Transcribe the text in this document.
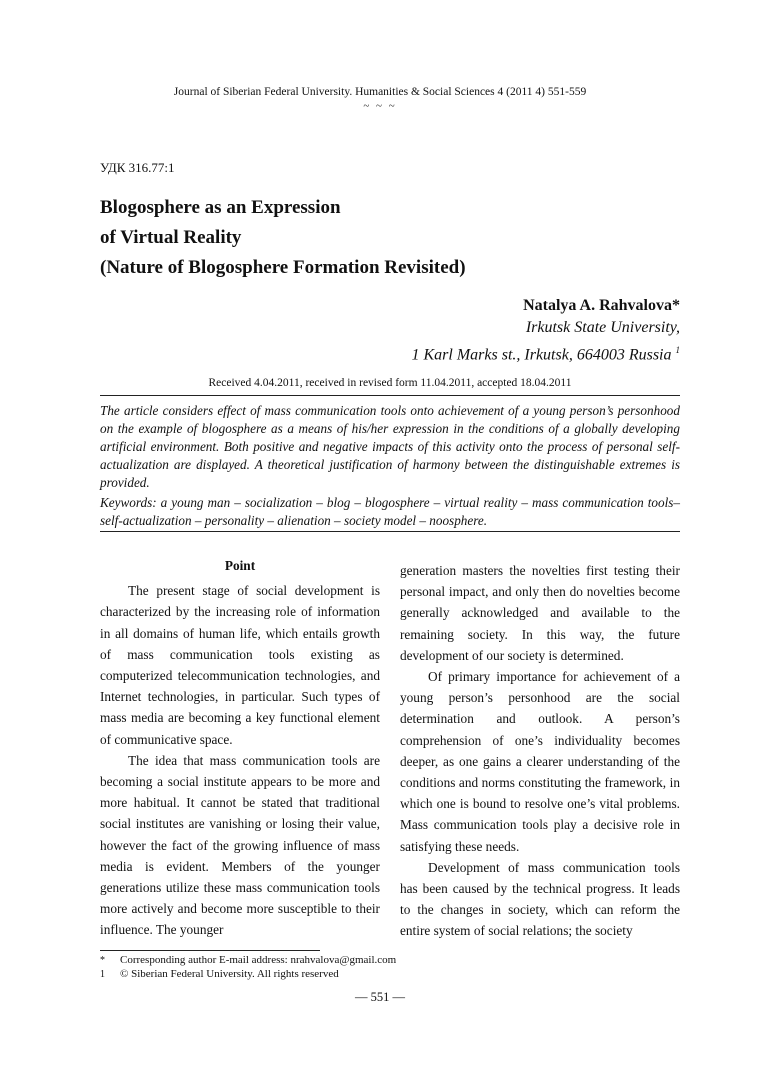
Journal of Siberian Federal University. Humanities & Social Sciences 4 (2011 4) 551-559
~ ~ ~
УДК 316.77:1
Blogosphere as an Expression
of Virtual Reality
(Nature of Blogosphere Formation Revisited)
Natalya A. Rahvalova*
Irkutsk State University,
1 Karl Marks st., Irkutsk, 664003 Russia $^1$
Received 4.04.2011, received in revised form 11.04.2011, accepted 18.04.2011
The article considers effect of mass communication tools onto achievement of a young person’s personhood on the example of blogosphere as a means of his/her expression in the conditions of a globally developing artificial environment. Both positive and negative impacts of this activity onto the process of personal self-actualization are displayed. A theoretical justification of harmony between the distinguishable extremes is provided.
Keywords: a young man – socialization – blog – blogosphere – virtual reality – mass communication tools– self-actualization – personality – alienation – society model – noosphere.
Point

The present stage of social development is characterized by the increasing role of information in all domains of human life, which entails growth of mass communication tools existing as computerized telecommunication technologies, and Internet technologies, in particular. Such types of mass media are becoming a key functional element of communicative space.

The idea that mass communication tools are becoming a social institute appears to be more and more habitual. It cannot be stated that traditional social institutes are vanishing or losing their value, however the fact of the growing influence of mass media is evident. Members of the younger generations utilize these mass communication tools more actively and become more susceptible to their influence. The younger

generation masters the novelties first testing their personal impact, and only then do novelties become generally acknowledged and available to the remaining society. In this way, the future development of our society is determined.

Of primary importance for achievement of a young person’s personhood are the social determination and outlook. A person’s comprehension of one’s individuality becomes deeper, as one gains a clearer understanding of the conditions and norms constituting the framework, in which one is bound to resolve one’s vital problems. Mass communication tools play a decisive role in satisfying these needs.

Development of mass communication tools has been caused by the technical progress. It leads to the changes in society, which can reform the entire system of social relations; the society

* Corresponding author E-mail address: nrahvalova@gmail.com
1 © Siberian Federal University. All rights reserved
— 551 —
